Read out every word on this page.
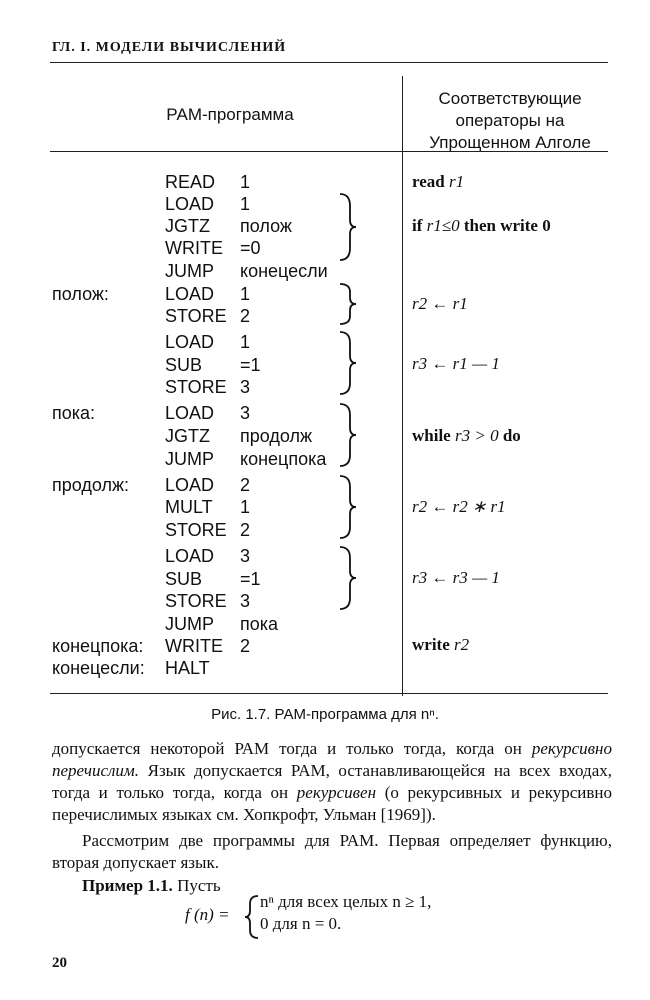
ГЛ. I. МОДЕЛИ ВЫЧИСЛЕНИЙ
РАМ-программа
Соответствующие
операторы на
Упрощенном Алголе
READ 1
LOAD 1
JGTZ полож
WRITE =0
JUMP конецесли
полож:	LOAD 1
STORE 2
LOAD 1
SUB =1
STORE 3
пока:	LOAD 3
JGTZ продолж
JUMP конецпока
продолж: LOAD 2
MULT 1
STORE 2
LOAD 3
SUB =1
STORE 3
JUMP пока
конецпока: WRITE 2
конецесли: HALT
read r1
if r1≤0 then write 0
r2 ← r1
r3 ← r1 — 1
while r3 > 0 do
r2 ← r2 ∗ r1
r3 ← r3 — 1
write r2
Рис. 1.7. РАМ-программа для nⁿ.
допускается некоторой РАМ тогда и только тогда, когда он рекурсивно перечислим. Язык допускается РАМ, останавливающейся на всех входах, тогда и только тогда, когда он рекурсивен (о рекурсивных и рекурсивно перечислимых языках см. Хопкрофт, Ульман [1969]).
Рассмотрим две программы для РАМ. Первая определяет функцию, вторая допускает язык.
Пример 1.1. Пусть
f (n) =
nⁿ для всех целых n ≥ 1,
0 для n = 0.
20
